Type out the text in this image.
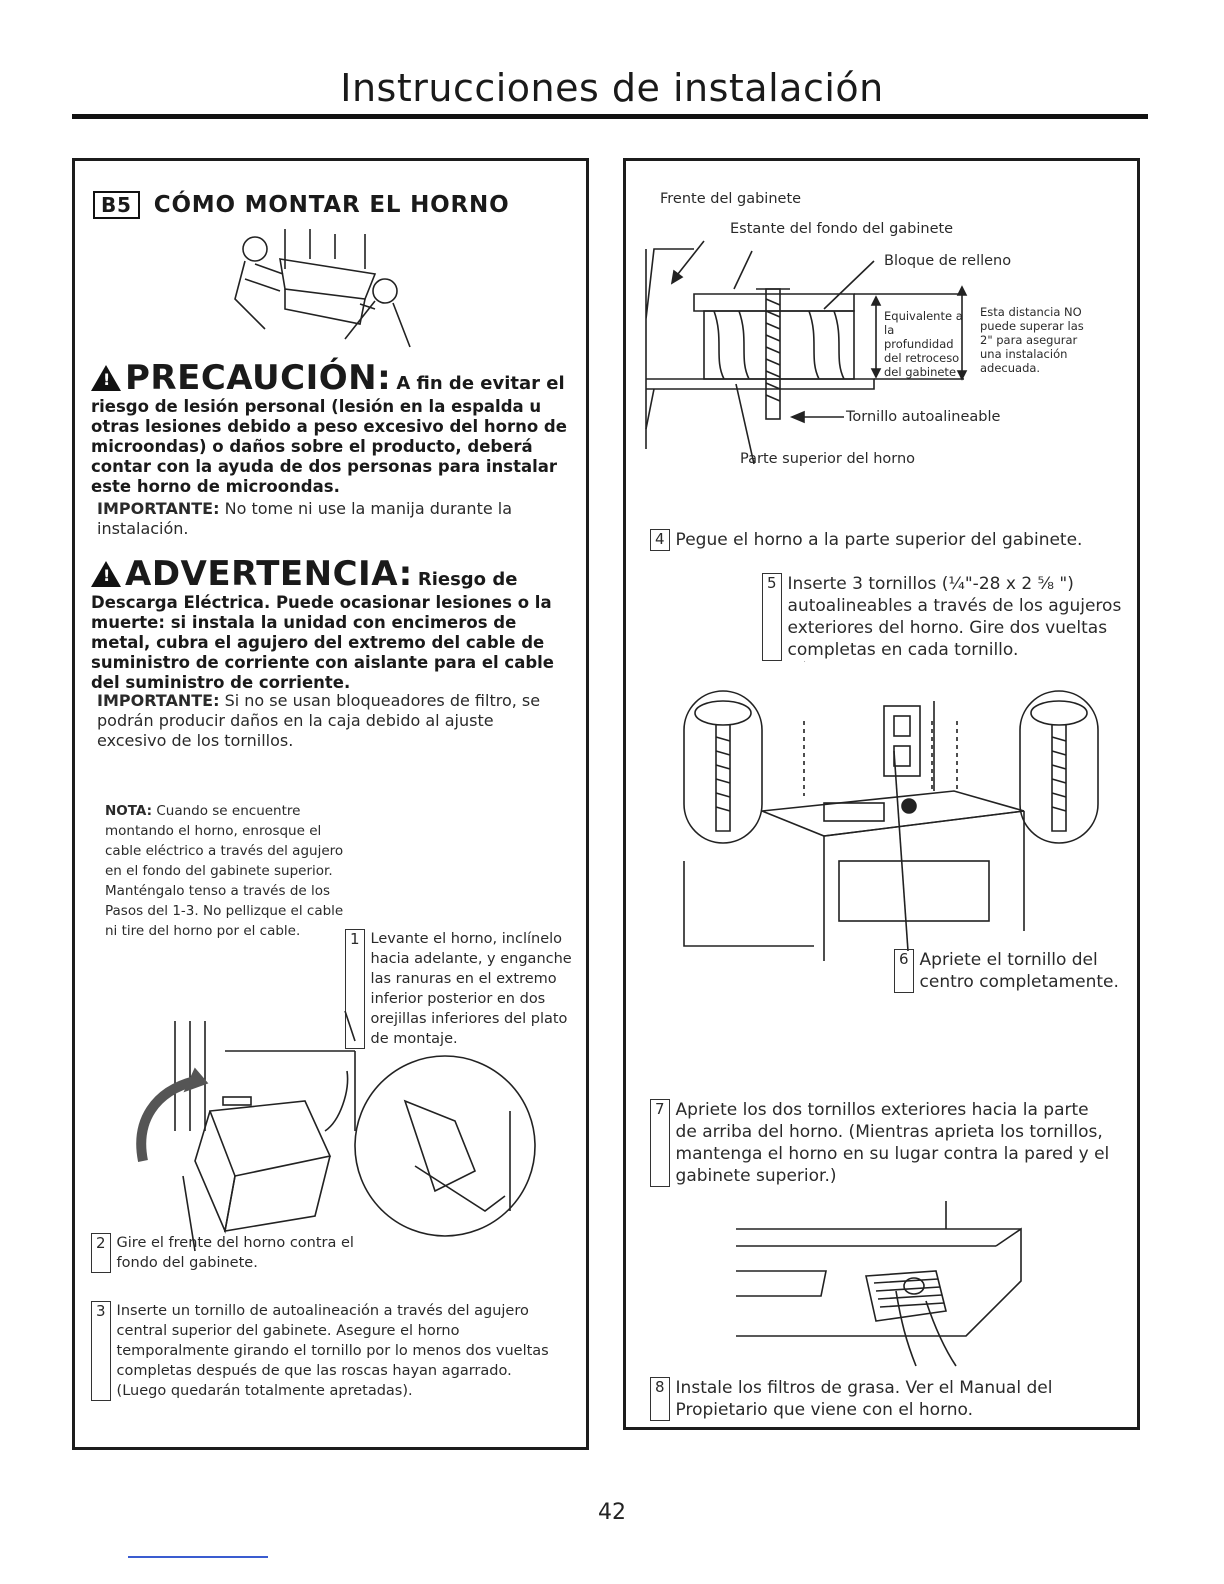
Instrucciones de instalación
B5 CÓMO MONTAR EL HORNO
!PRECAUCIÓN: A fin de evitar el
riesgo de lesión personal (lesión en la espalda u otras lesiones debido a peso excesivo del horno de microondas) o daños sobre el producto, deberá contar con la ayuda de dos personas para instalar este horno de microondas.
IMPORTANTE: No tome ni use la manija durante la instalación.
!ADVERTENCIA: Riesgo de
Descarga Eléctrica. Puede ocasionar lesiones o la muerte: si instala la unidad con encimeros de metal, cubra el agujero del extremo del cable de suministro de corriente con aislante para el cable del suministro de corriente.
IMPORTANTE: Si no se usan bloqueadores de filtro, se podrán producir daños en la caja debido al ajuste excesivo de los tornillos.
NOTA: Cuando se encuentre montando el horno, enrosque el cable eléctrico a través del agujero en el fondo del gabinete superior. Manténgalo tenso a través de los Pasos del 1-3. No pellizque el cable ni tire del horno por el cable.	1 Levante el horno, inclínelo hacia adelante, y enganche las ranuras en el extremo inferior posterior en dos orejillas inferiores del plato de montaje.
2 Gire el frente del horno contra el fondo del gabinete.
3 Inserte un tornillo de autoalineación a través del agujero central superior del gabinete. Asegure el horno temporalmente girando el tornillo por lo menos dos vueltas completas después de que las roscas hayan agarrado. (Luego quedarán totalmente apretadas).
Frente del gabinete
Estante del fondo del gabinete
Bloque de relleno
Equivalente a la profundidad del retroceso del gabinete
Esta distancia NO puede superar las 2" para asegurar una instalación adecuada.
Tornillo autoalineable
Parte superior del horno
4 Pegue el horno a la parte superior del gabinete.
5 Inserte 3 tornillos (¼"-28 x 2 ⅝ ") autoalineables a través de los agujeros exteriores del horno. Gire dos vueltas completas en cada tornillo.
6 Apriete el tornillo del centro completamente.
7 Apriete los dos tornillos exteriores hacia la parte de arriba del horno. (Mientras aprieta los tornillos, mantenga el horno en su lugar contra la pared y el gabinete superior.)
8 Instale los filtros de grasa. Ver el Manual del Propietario que viene con el horno.
42
